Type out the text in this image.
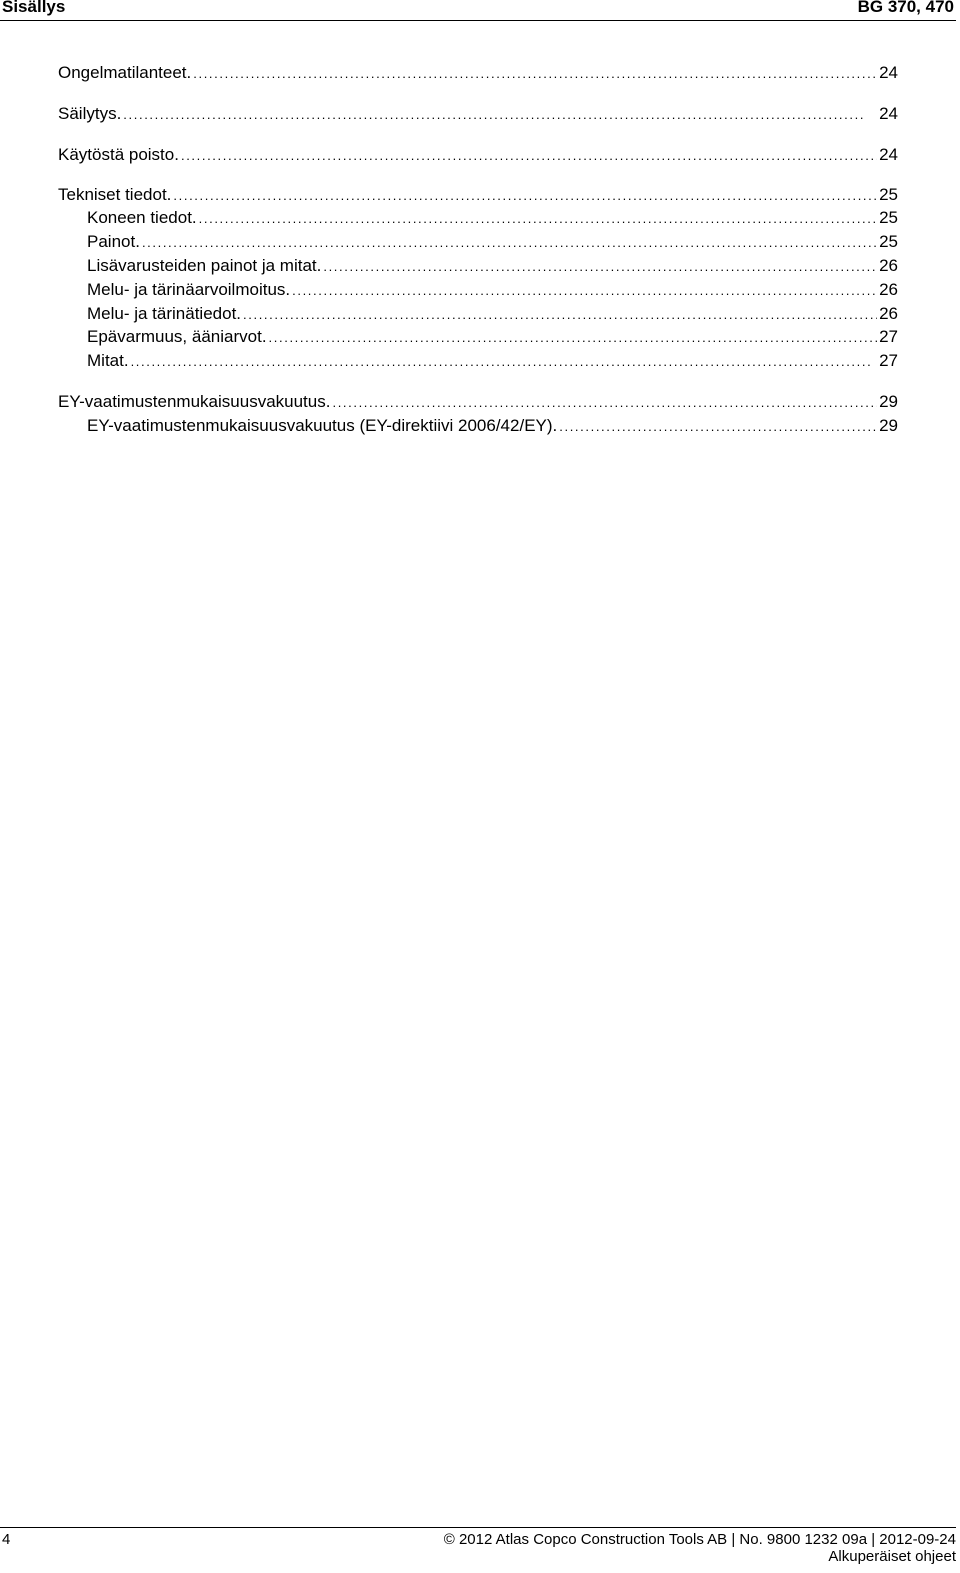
Sisällys	BG 370, 470
Ongelmatilanteet. . . .	24
Säilytys. . . .	24
Käytöstä poisto. . . .	24
Tekniset tiedot. . . .	25
Koneen tiedot. . . .	25
Painot. . . .	25
Lisävarusteiden painot ja mitat. . . .	26
Melu- ja tärinäarvoilmoitus. . . .	26
Melu- ja tärinätiedot. . . .	26
Epävarmuus, ääniarvot. . . .	27
Mitat. . . .	27
EY-vaatimustenmukaisuusvakuutus. . . .	29
EY-vaatimustenmukaisuusvakuutus (EY-direktiivi 2006/42/EY). . . .	29
4	© 2012 Atlas Copco Construction Tools AB | No. 9800 1232 09a | 2012-09-24
Alkuperäiset ohjeet
